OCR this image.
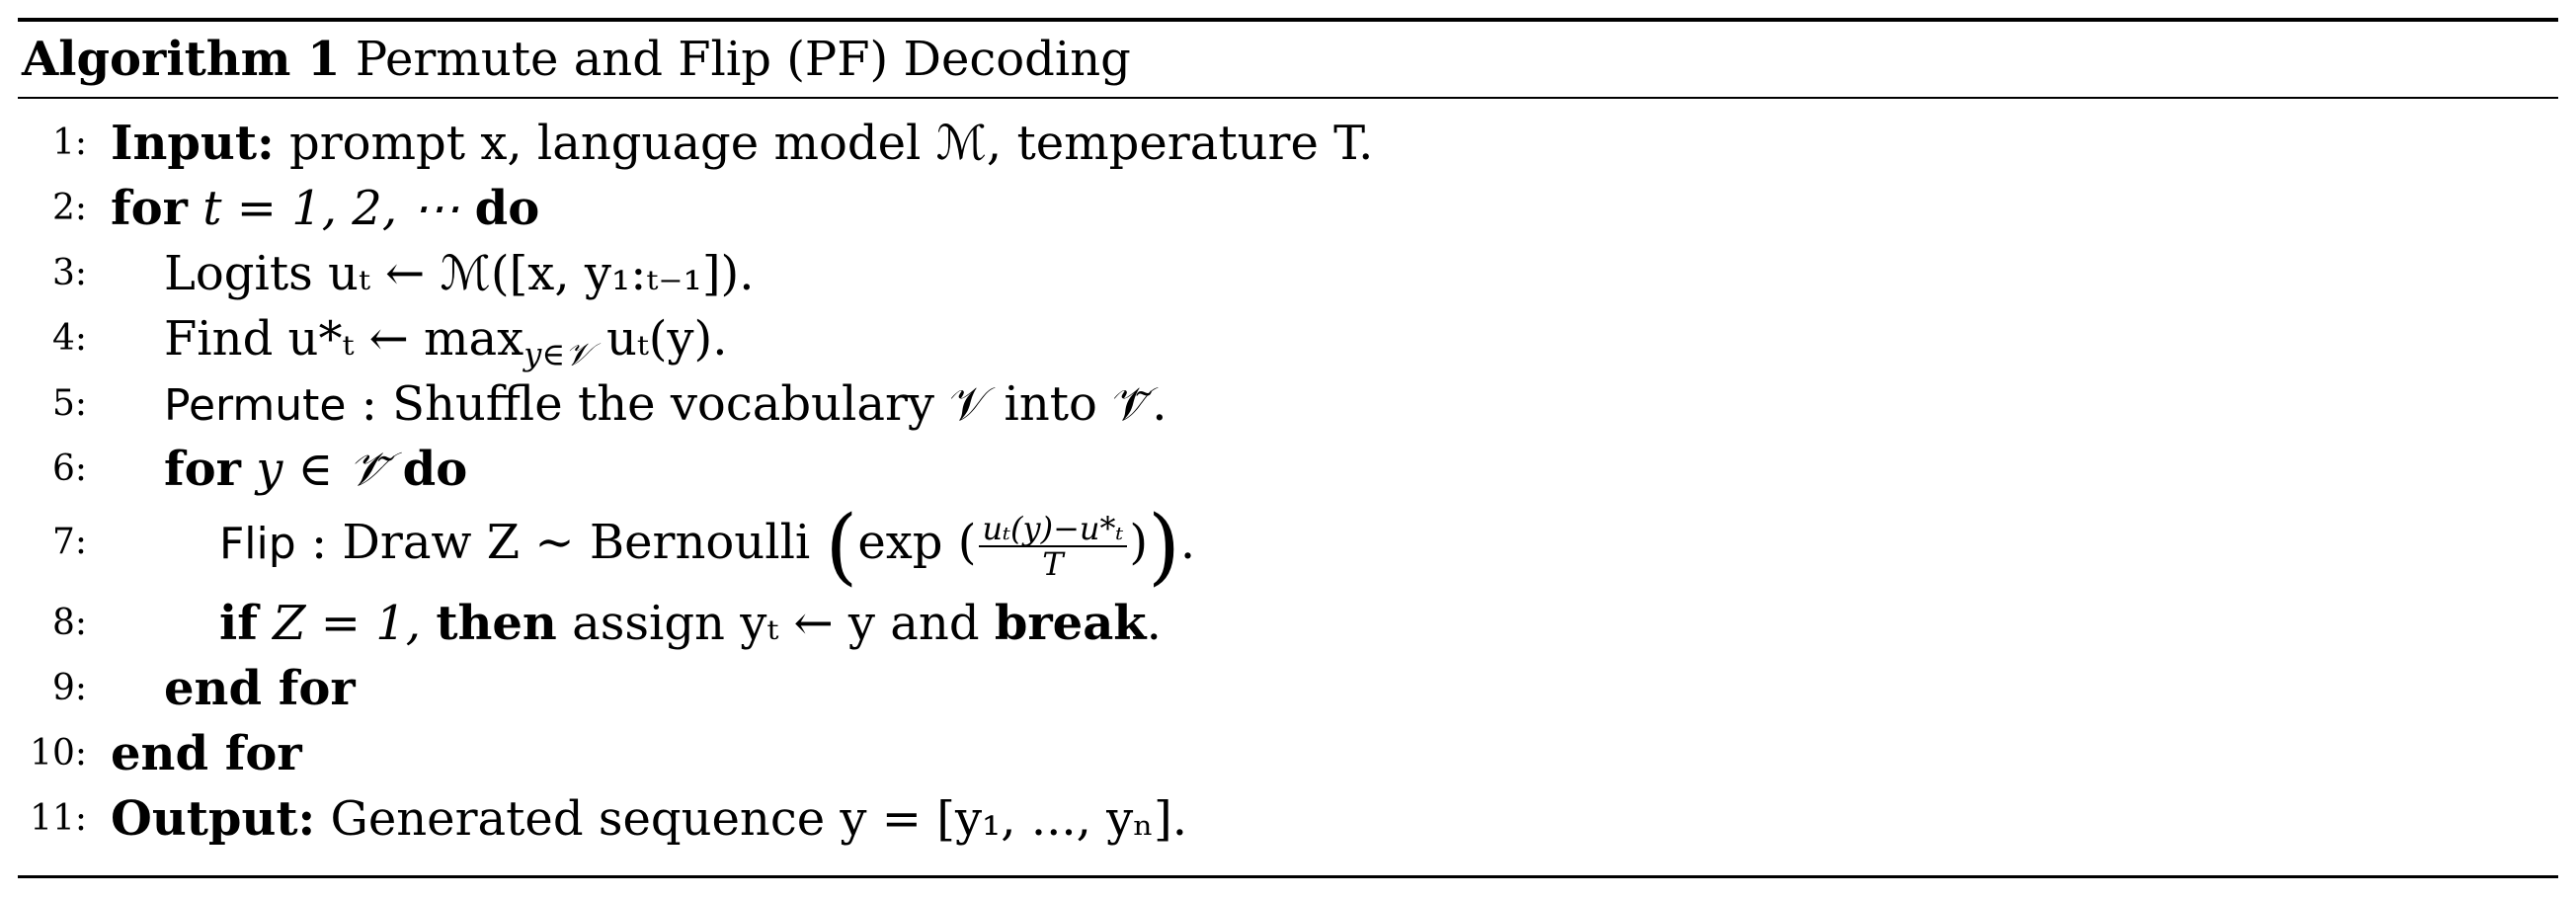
Algorithm 1 Permute and Flip (PF) Decoding
1: Input: prompt x, language model ℳ, temperature T.
2: for t = 1, 2, ⋯ do
3: Logits uₜ ← ℳ([x, y₁:ₜ₋₁]).
4: Find u*ₜ ← $\max_{y\in 𝒱} u_t(y)$.
5: Permute : Shuffle the vocabulary 𝒱 into 𝒱̃.
6: for y ∈ 𝒱̃ do
7:	Flip : Draw Z ∼ Bernoulli (exp ( $\frac{\text{uₜ(y)−u*ₜ}}{T}$ )).
8:	if Z = 1, then assign yₜ ← y and break.
9: end for
10: end for
11: Output: Generated sequence y = [y₁, ..., yₙ].
